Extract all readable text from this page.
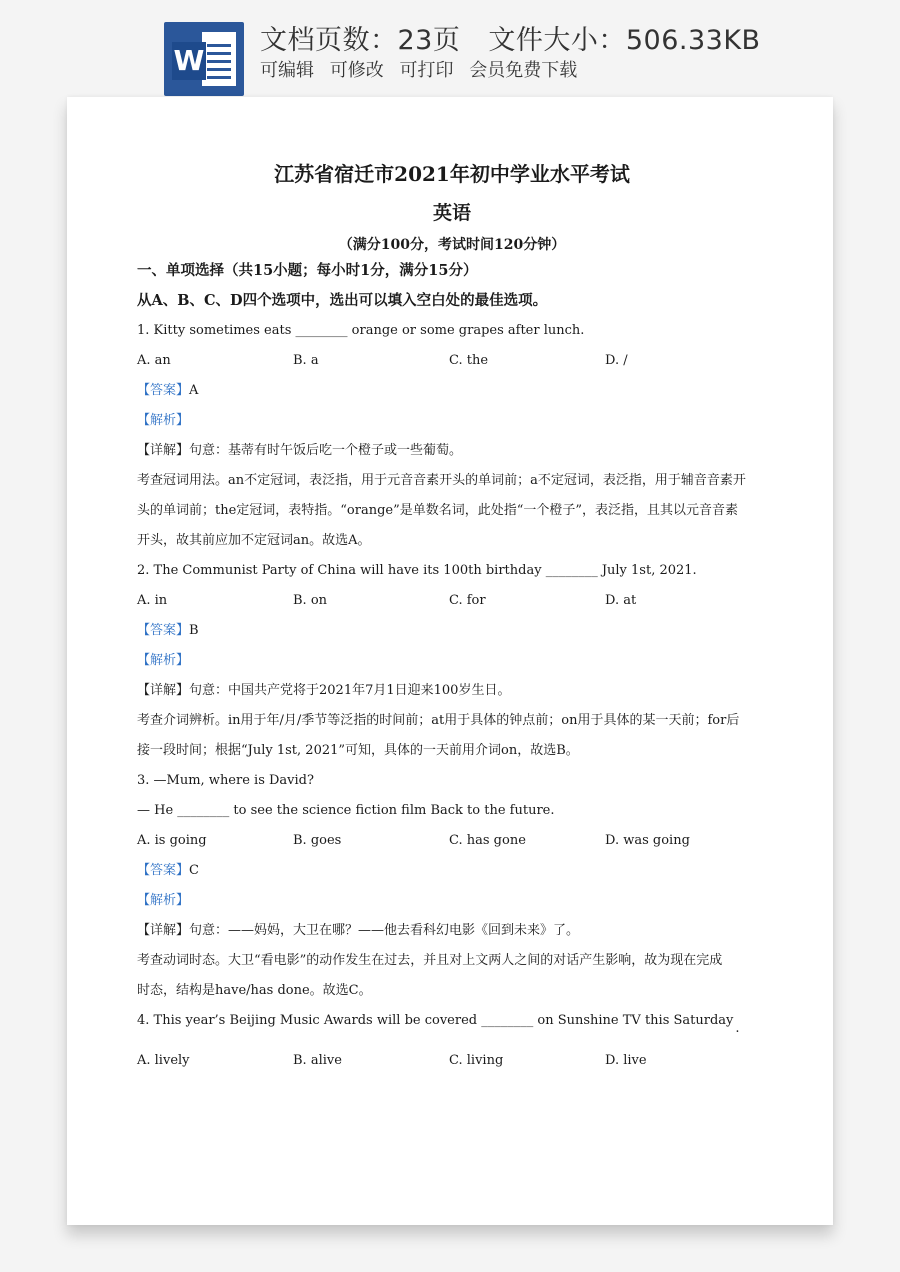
W
文档页数：23页 文件大小：506.33KB
可编辑 可修改 可打印 会员免费下载
江苏省宿迁市2021年初中学业水平考试
英语
（满分100分，考试时间120分钟）
一、单项选择（共15小题；每小时1分，满分15分）
从A、B、C、D四个选项中，选出可以填入空白处的最佳选项。
1. Kitty sometimes eats ________ orange or some grapes after lunch.
A. an	B. a	C. the	D. /
【答案】A
【解析】
【详解】句意：基蒂有时午饭后吃一个橙子或一些葡萄。
考查冠词用法。an不定冠词，表泛指，用于元音音素开头的单词前；a不定冠词，表泛指，用于辅音音素开
头的单词前；the定冠词，表特指。“orange”是单数名词，此处指“一个橙子”，表泛指，且其以元音音素
开头，故其前应加不定冠词an。故选A。
2. The Communist Party of China will have its 100th birthday ________ July 1st, 2021.
A. in	B. on	C. for	D. at
【答案】B
【解析】
【详解】句意：中国共产党将于2021年7月1日迎来100岁生日。
考查介词辨析。in用于年/月/季节等泛指的时间前；at用于具体的钟点前；on用于具体的某一天前；for后
接一段时间；根据“July 1st, 2021”可知，具体的一天前用介词on，故选B。
3. —Mum, where is David?
— He ________ to see the science fiction film Back to the future.
A. is going	B. goes	C. has gone	D. was going
【答案】C
【解析】
【详解】句意：——妈妈，大卫在哪？——他去看科幻电影《回到未来》了。
考查动词时态。大卫“看电影”的动作发生在过去，并且对上文两人之间的对话产生影响，故为现在完成
时态，结构是have/has done。故选C。
4. This year’s Beijing Music Awards will be covered ________ on Sunshine TV this Saturday.
A. lively	B. alive	C. living	D. live
